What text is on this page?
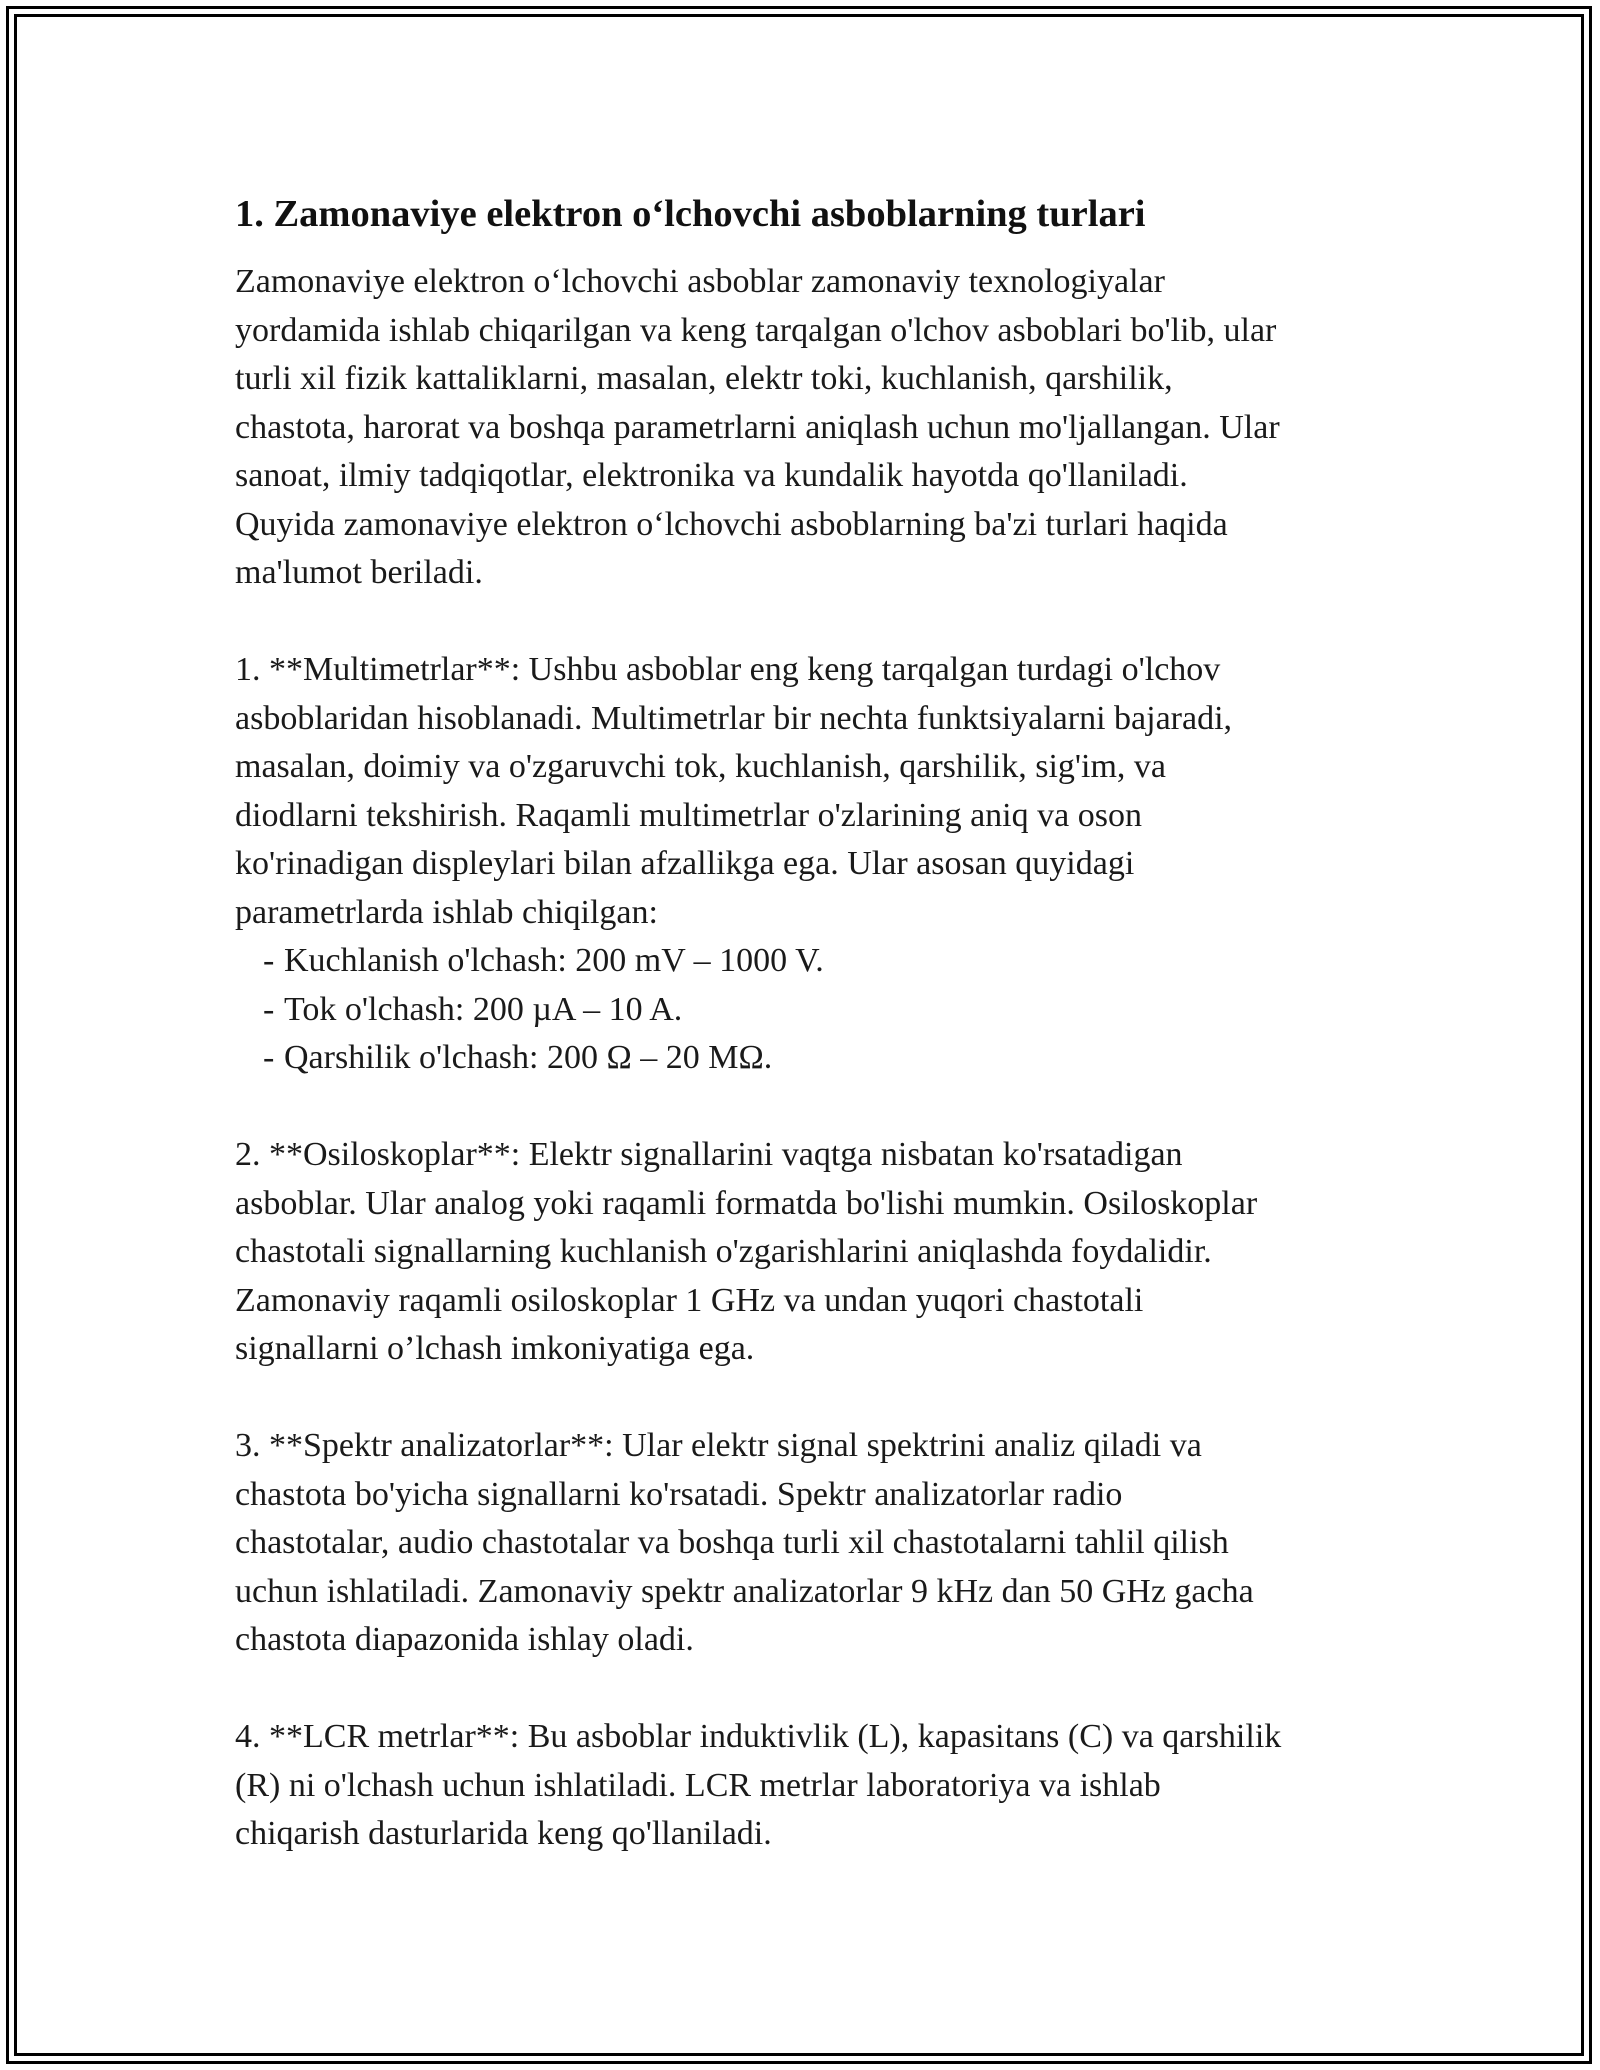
1. Zamonaviye elektron o‘lchovchi asboblarning turlari

Zamonaviye elektron o‘lchovchi asboblar zamonaviy texnologiyalar
yordamida ishlab chiqarilgan va keng tarqalgan o'lchov asboblari bo'lib, ular
turli xil fizik kattaliklarni, masalan, elektr toki, kuchlanish, qarshilik,
chastota, harorat va boshqa parametrlarni aniqlash uchun mo'ljallangan. Ular
sanoat, ilmiy tadqiqotlar, elektronika va kundalik hayotda qo'llaniladi.
Quyida zamonaviye elektron o‘lchovchi asboblarning ba'zi turlari haqida
ma'lumot beriladi.

1. **Multimetrlar**: Ushbu asboblar eng keng tarqalgan turdagi o'lchov
asboblaridan hisoblanadi. Multimetrlar bir nechta funktsiyalarni bajaradi,
masalan, doimiy va o'zgaruvchi tok, kuchlanish, qarshilik, sig'im, va
diodlarni tekshirish. Raqamli multimetrlar o'zlarining aniq va oson
ko'rinadigan displeylari bilan afzallikga ega. Ular asosan quyidagi
parametrlarda ishlab chiqilgan:

- Kuchlanish o'lchash: 200 mV – 1000 V.
- Tok o'lchash: 200 µA – 10 A.
- Qarshilik o'lchash: 200 Ω – 20 MΩ.

2. **Osiloskoplar**: Elektr signallarini vaqtga nisbatan ko'rsatadigan
asboblar. Ular analog yoki raqamli formatda bo'lishi mumkin. Osiloskoplar
chastotali signallarning kuchlanish o'zgarishlarini aniqlashda foydalidir.
Zamonaviy raqamli osiloskoplar 1 GHz va undan yuqori chastotali
signallarni o’lchash imkoniyatiga ega.

3. **Spektr analizatorlar**: Ular elektr signal spektrini analiz qiladi va
chastota bo'yicha signallarni ko'rsatadi. Spektr analizatorlar radio
chastotalar, audio chastotalar va boshqa turli xil chastotalarni tahlil qilish
uchun ishlatiladi. Zamonaviy spektr analizatorlar 9 kHz dan 50 GHz gacha
chastota diapazonida ishlay oladi.

4. **LCR metrlar**: Bu asboblar induktivlik (L), kapasitans (C) va qarshilik
(R) ni o'lchash uchun ishlatiladi. LCR metrlar laboratoriya va ishlab
chiqarish dasturlarida keng qo'llaniladi.
